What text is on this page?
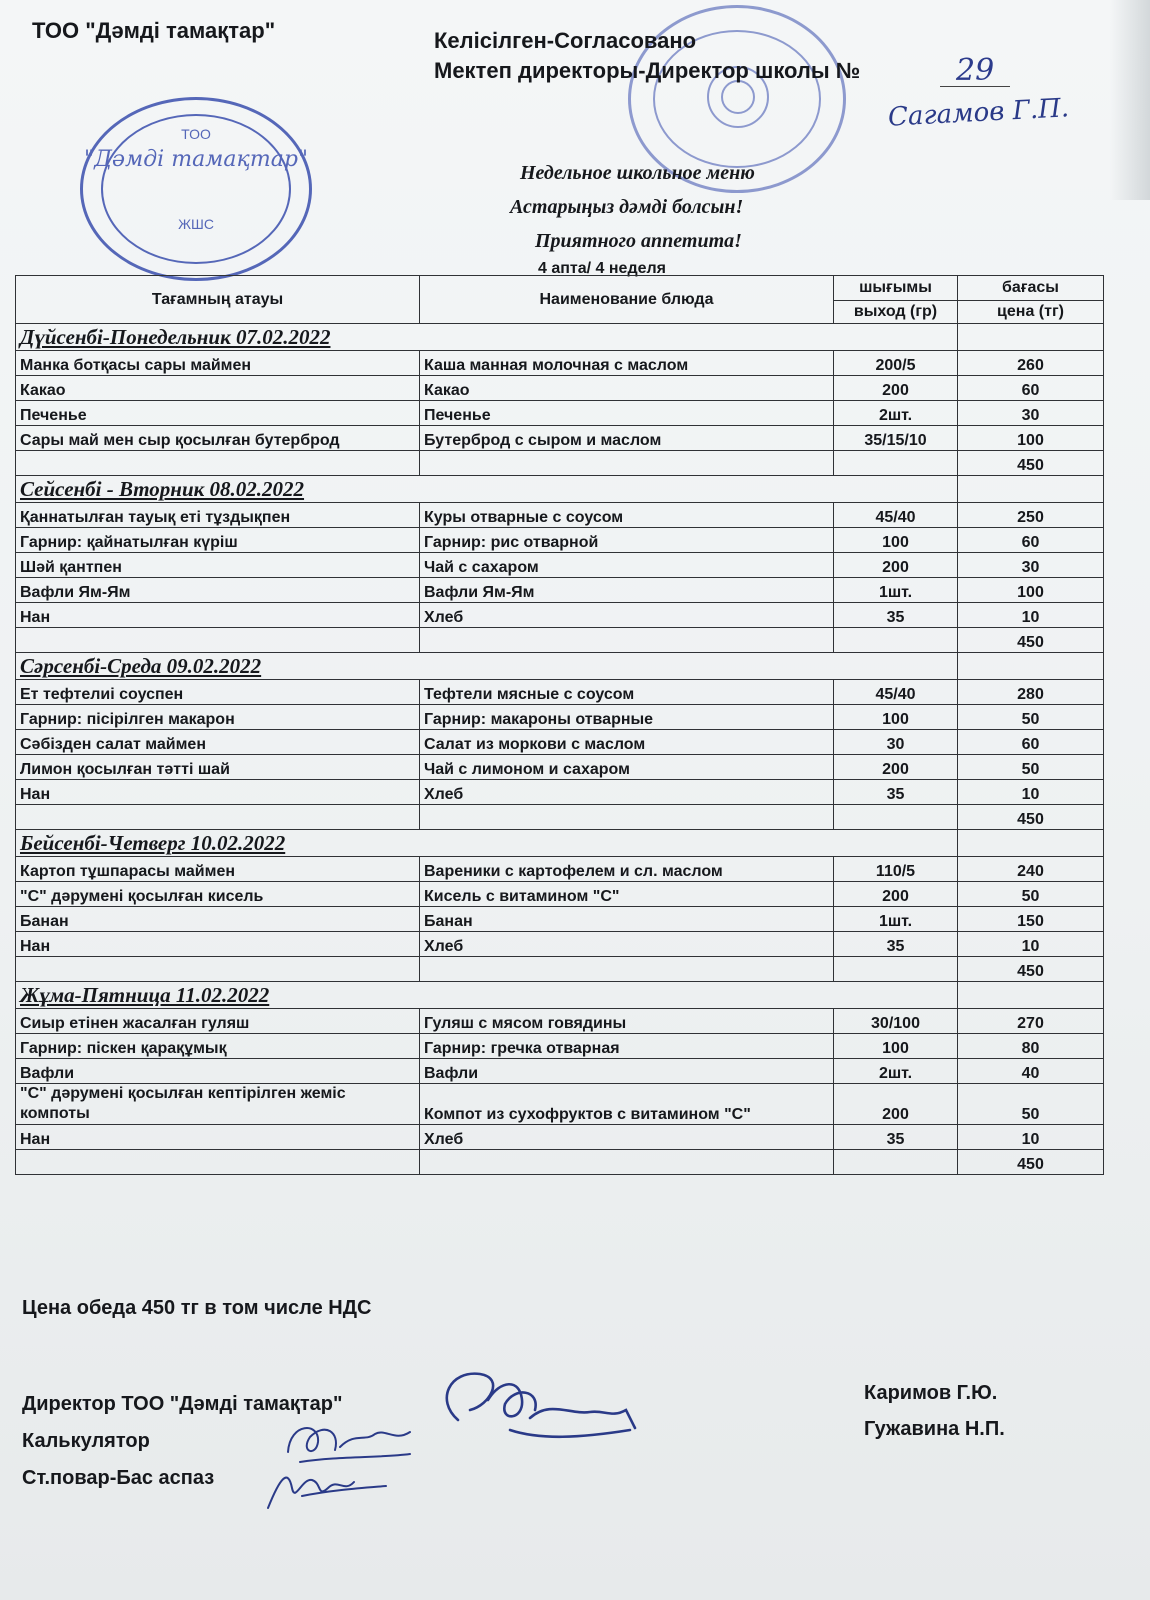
ТОО
"Дәмді тамақтар"
ЖШС
ТОО "Дәмді тамақтар"	Келісілген-Согласовано
Мектеп директоры-Директор школы №	29
Сагамов Г.П.
Недельное школьное меню
Астарыңыз дәмді болсын!
Приятного аппетита!
4 апта/ 4 неделя
Тағамның атауы	Наименование блюда	шығымы	бағасы
		выход (гр)	цена (тг)
Дүйсенбі-Понедельник 07.02.2022			
Манка ботқасы сары маймен	Каша манная молочная с маслом	200/5	260
Какао	Какао	200	60
Печенье	Печенье	2шт.	30
Сары май мен сыр қосылған бутерброд	Бутерброд с сыром и маслом	35/15/10	100
			450
Сейсенбі - Вторник 08.02.2022			
Қаннатылған тауық еті тұздықпен	Куры отварные с соусом	45/40	250
Гарнир: қайнатылған күріш	Гарнир: рис отварной	100	60
Шәй қантпен	Чай с сахаром	200	30
Вафли Ям-Ям	Вафли Ям-Ям	1шт.	100
Нан	Хлеб	35	10
			450
Сәрсенбі-Среда 09.02.2022			
Ет тефтелиі соуспен	Тефтели мясные с соусом	45/40	280
Гарнир: пісірілген макарон	Гарнир: макароны отварные	100	50
Сәбізден салат маймен	Салат из моркови с маслом	30	60
Лимон қосылған тәтті шай	Чай с лимоном и сахаром	200	50
Нан	Хлеб	35	10
			450
Бейсенбі-Четверг 10.02.2022			
Картоп тұшпарасы маймен	Вареники с картофелем и сл. маслом	110/5	240
"С" дәрумені қосылған кисель	Кисель с витамином "С"	200	50
Банан	Банан	1шт.	150
Нан	Хлеб	35	10
			450
Жұма-Пятница 11.02.2022			
Сиыр етінен жасалған гуляш	Гуляш с мясом говядины	30/100	270
Гарнир: піскен қарақұмық	Гарнир: гречка отварная	100	80
Вафли	Вафли	2шт.	40
"С" дәрумені қосылған кептірілген жеміс компоты	Компот из сухофруктов с витамином "С"	200	50
Нан	Хлеб	35	10
			450
Цена обеда 450 тг в том числе НДС
Директор ТОО "Дәмді тамақтар"
Калькулятор
Ст.повар-Бас аспаз
Каримов Г.Ю.
Гужавина Н.П.
